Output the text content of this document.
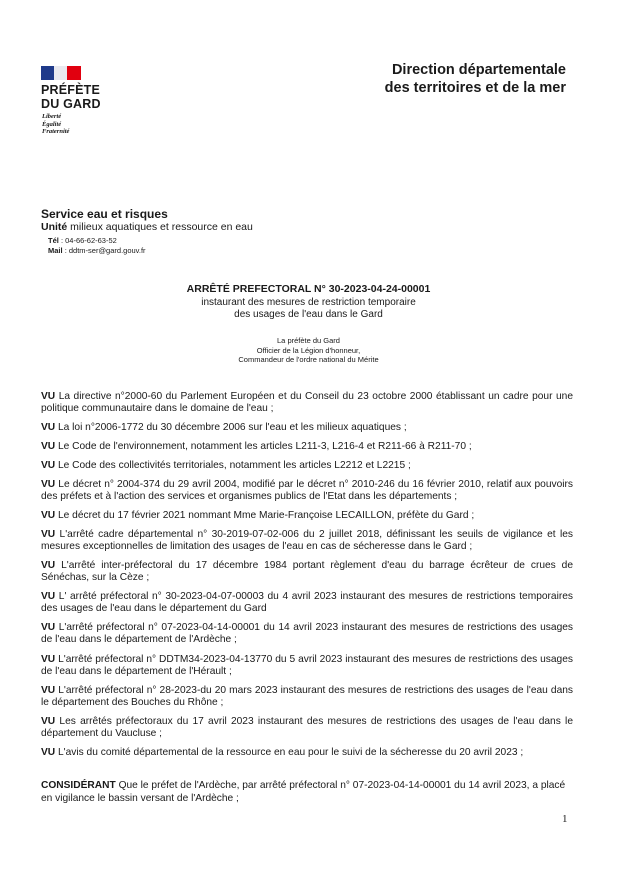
PRÉFÈTE
DU GARD
Liberté
Égalité
Fraternité
Direction départementale
des territoires et de la mer
Service eau et risques
Unité milieux aquatiques et ressource en eau
Tél : 04-66-62-63-52
Mail : ddtm-ser@gard.gouv.fr
ARRÊTÉ PREFECTORAL N° 30-2023-04-24-00001
instaurant des mesures de restriction temporaire
des usages de l'eau dans le Gard
La préfète du Gard
Officier de la Légion d'honneur,
Commandeur de l'ordre national du Mérite
VU La directive n°2000-60 du Parlement Européen et du Conseil du 23 octobre 2000 établissant un cadre pour une politique communautaire dans le domaine de l'eau ;
VU La loi n°2006-1772 du 30 décembre 2006 sur l'eau et les milieux aquatiques ;
VU Le Code de l'environnement, notamment les articles L211-3, L216-4 et R211-66 à R211-70 ;
VU Le Code des collectivités territoriales, notamment les articles L2212 et L2215 ;
VU Le décret n° 2004-374 du 29 avril 2004, modifié par le décret n° 2010-246 du 16 février 2010, relatif aux pouvoirs des préfets et à l'action des services et organismes publics de l'Etat dans les départements ;
VU Le décret du 17 février 2021 nommant Mme Marie-Françoise LECAILLON, préfète du Gard ;
VU L'arrêté cadre départemental n° 30-2019-07-02-006 du 2 juillet 2018, définissant les seuils de vigilance et les mesures exceptionnelles de limitation des usages de l'eau en cas de sécheresse dans le Gard ;
VU L'arrêté inter-préfectoral du 17 décembre 1984 portant règlement d'eau du barrage écrêteur de crues de Sénéchas, sur la Cèze ;
VU L' arrêté préfectoral n° 30-2023-04-07-00003 du 4 avril 2023 instaurant des mesures de restrictions temporaires des usages de l'eau dans le département du Gard
VU L'arrêté préfectoral n° 07-2023-04-14-00001 du 14 avril 2023 instaurant des mesures de restrictions des usages de l'eau dans le département de l'Ardèche ;
VU L'arrêté préfectoral n° DDTM34-2023-04-13770 du 5 avril 2023 instaurant des mesures de restrictions des usages de l'eau dans le département de l'Hérault ;
VU L'arrêté préfectoral n° 28-2023-du 20 mars 2023 instaurant des mesures de restrictions des usages de l'eau dans le département des Bouches du Rhône ;
VU Les arrêtés préfectoraux du 17 avril 2023 instaurant des mesures de restrictions des usages de l'eau dans le département du Vaucluse ;
VU L'avis du comité départemental de la ressource en eau pour le suivi de la sécheresse du 20 avril 2023 ;
CONSIDÉRANT Que le préfet de l'Ardèche, par arrêté préfectoral n° 07-2023-04-14-00001 du 14 avril 2023, a placé en vigilance le bassin versant de l'Ardèche ;
1
